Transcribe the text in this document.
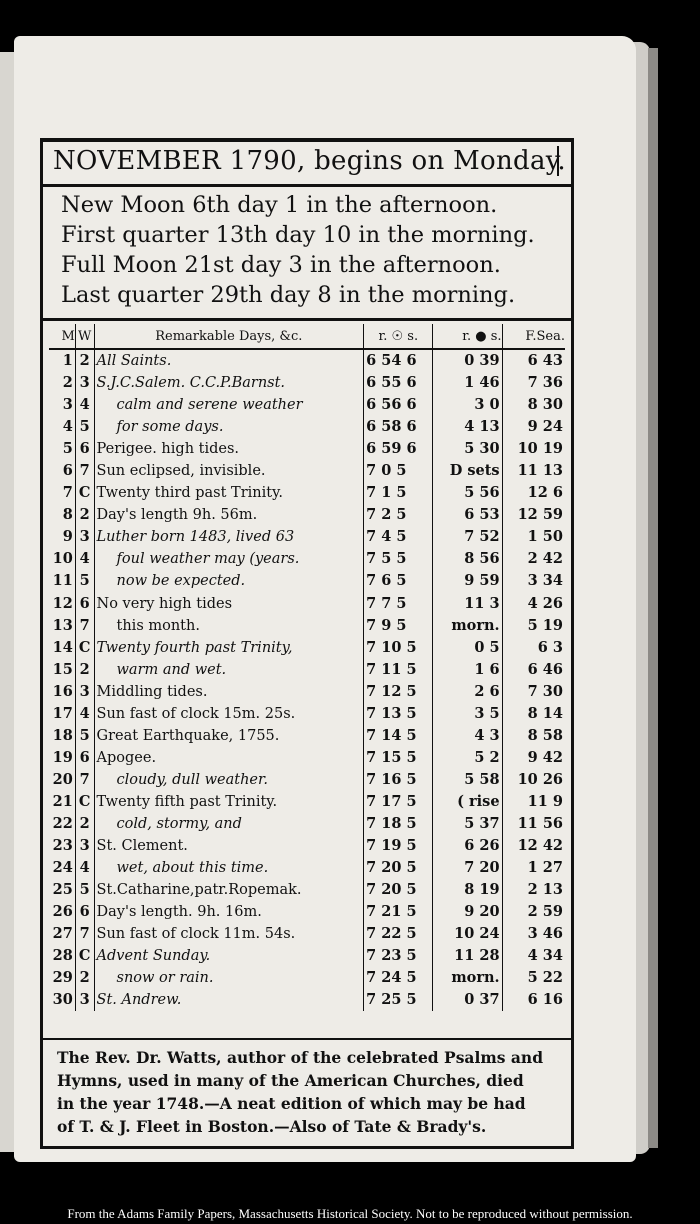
NOVEMBER 1790, begins on Monday.
New Moon 6th day 1 in the afternoon.
First quarter 13th day 10 in the morning.
Full Moon 21st day 3 in the afternoon.
Last quarter 29th day 8 in the morning.
M	W	Remarkable Days, &c.	r. ☉ s.	r. ● s.	F.Sea.
1	2	All Saints.	6 54 6	0 39	6 43
2	3	S.J.C.Salem. C.C.P.Barnst.	6 55 6	1 46	7 36
3	4	calm and serene weather	6 56 6	3 0	8 30
4	5	for some days.	6 58 6	4 13	9 24
5	6	Perigee. high tides.	6 59 6	5 30	10 19
6	7	Sun eclipsed, invisible.	7 0 5	D sets	11 13
7	C	Twenty third past Trinity.	7 1 5	5 56	12 6
8	2	Day's length 9h. 56m.	7 2 5	6 53	12 59
9	3	Luther born 1483, lived 63	7 4 5	7 52	1 50
10	4	foul weather may (years.	7 5 5	8 56	2 42
11	5	now be expected.	7 6 5	9 59	3 34
12	6	No very high tides	7 7 5	11 3	4 26
13	7	this month.	7 9 5	morn.	5 19
14	C	Twenty fourth past Trinity,	7 10 5	0 5	6 3
15	2	warm and wet.	7 11 5	1 6	6 46
16	3	Middling tides.	7 12 5	2 6	7 30
17	4	Sun fast of clock 15m. 25s.	7 13 5	3 5	8 14
18	5	Great Earthquake, 1755.	7 14 5	4 3	8 58
19	6	Apogee.	7 15 5	5 2	9 42
20	7	cloudy, dull weather.	7 16 5	5 58	10 26
21	C	Twenty fifth past Trinity.	7 17 5	( rise	11 9
22	2	cold, stormy, and	7 18 5	5 37	11 56
23	3	St. Clement.	7 19 5	6 26	12 42
24	4	wet, about this time.	7 20 5	7 20	1 27
25	5	St.Catharine,patr.Ropemak.	7 20 5	8 19	2 13
26	6	Day's length. 9h. 16m.	7 21 5	9 20	2 59
27	7	Sun fast of clock 11m. 54s.	7 22 5	10 24	3 46
28	C	Advent Sunday.	7 23 5	11 28	4 34
29	2	snow or rain.	7 24 5	morn.	5 22
30	3	St. Andrew.	7 25 5	0 37	6 16
The Rev. Dr. Watts, author of the celebrated Psalms and
Hymns, used in many of the American Churches, died
in the year 1748.—A neat edition of which may be had
of T. & J. Fleet in Boston.—Also of Tate & Brady's.
From the Adams Family Papers, Massachusetts Historical Society. Not to be reproduced without permission.
